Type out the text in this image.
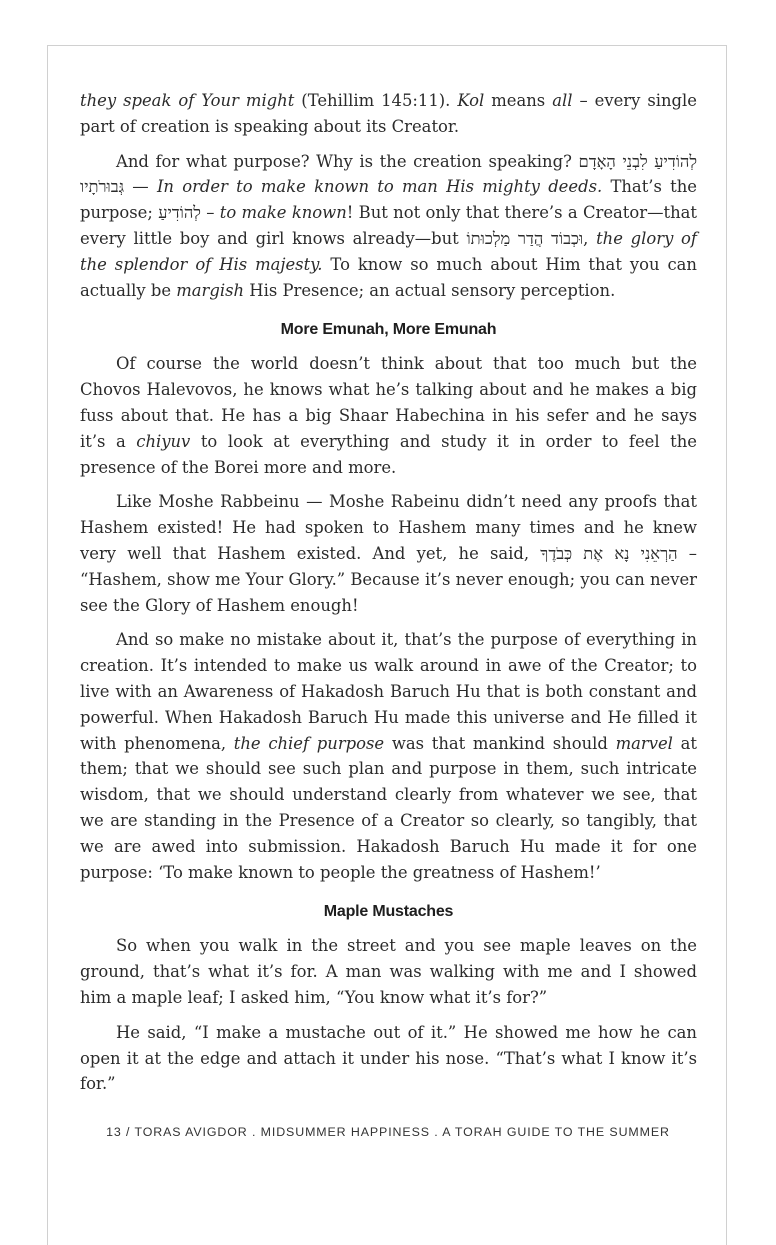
they speak of Your might (Tehillim 145:11). Kol means all – every single part of creation is speaking about its Creator.

And for what purpose? Why is the creation speaking? לְהוֹדִיעַ לִבְנֵי הָאָדָם גְּבוּרֹתָיו — In order to make known to man His mighty deeds. That’s the purpose; לְהוֹדִיעַ – to make known! But not only that there’s a Creator—that every little boy and girl knows already—but וּכְבוֹד הֲדַר מַלְכוּתוֹ, the glory of the splendor of His majesty. To know so much about Him that you can actually be margish His Presence; an actual sensory perception.

More Emunah, More Emunah

Of course the world doesn’t think about that too much but the Chovos Halevovos, he knows what he’s talking about and he makes a big fuss about that. He has a big Shaar Habechina in his sefer and he says it’s a chiyuv to look at everything and study it in order to feel the presence of the Borei more and more.

Like Moshe Rabbeinu — Moshe Rabeinu didn’t need any proofs that Hashem existed! He had spoken to Hashem many times and he knew very well that Hashem existed. And yet, he said, הַרְאֵנִי נָא אֶת כְּבֹדֶךָ – “Hashem, show me Your Glory.” Because it’s never enough; you can never see the Glory of Hashem enough!

And so make no mistake about it, that’s the purpose of everything in creation. It’s intended to make us walk around in awe of the Creator; to live with an Awareness of Hakadosh Baruch Hu that is both constant and powerful. When Hakadosh Baruch Hu made this universe and He filled it with phenomena, the chief purpose was that mankind should marvel at them; that we should see such plan and purpose in them, such intricate wisdom, that we should understand clearly from whatever we see, that we are standing in the Presence of a Creator so clearly, so tangibly, that we are awed into submission. Hakadosh Baruch Hu made it for one purpose: ‘To make known to people the greatness of Hashem!’

Maple Mustaches

So when you walk in the street and you see maple leaves on the ground, that’s what it’s for. A man was walking with me and I showed him a maple leaf; I asked him, “You know what it’s for?”

He said, “I make a mustache out of it.” He showed me how he can open it at the edge and attach it under his nose. “That’s what I know it’s for.”

13 / TORAS AVIGDOR . MIDSUMMER HAPPINESS . A TORAH GUIDE TO THE SUMMER
